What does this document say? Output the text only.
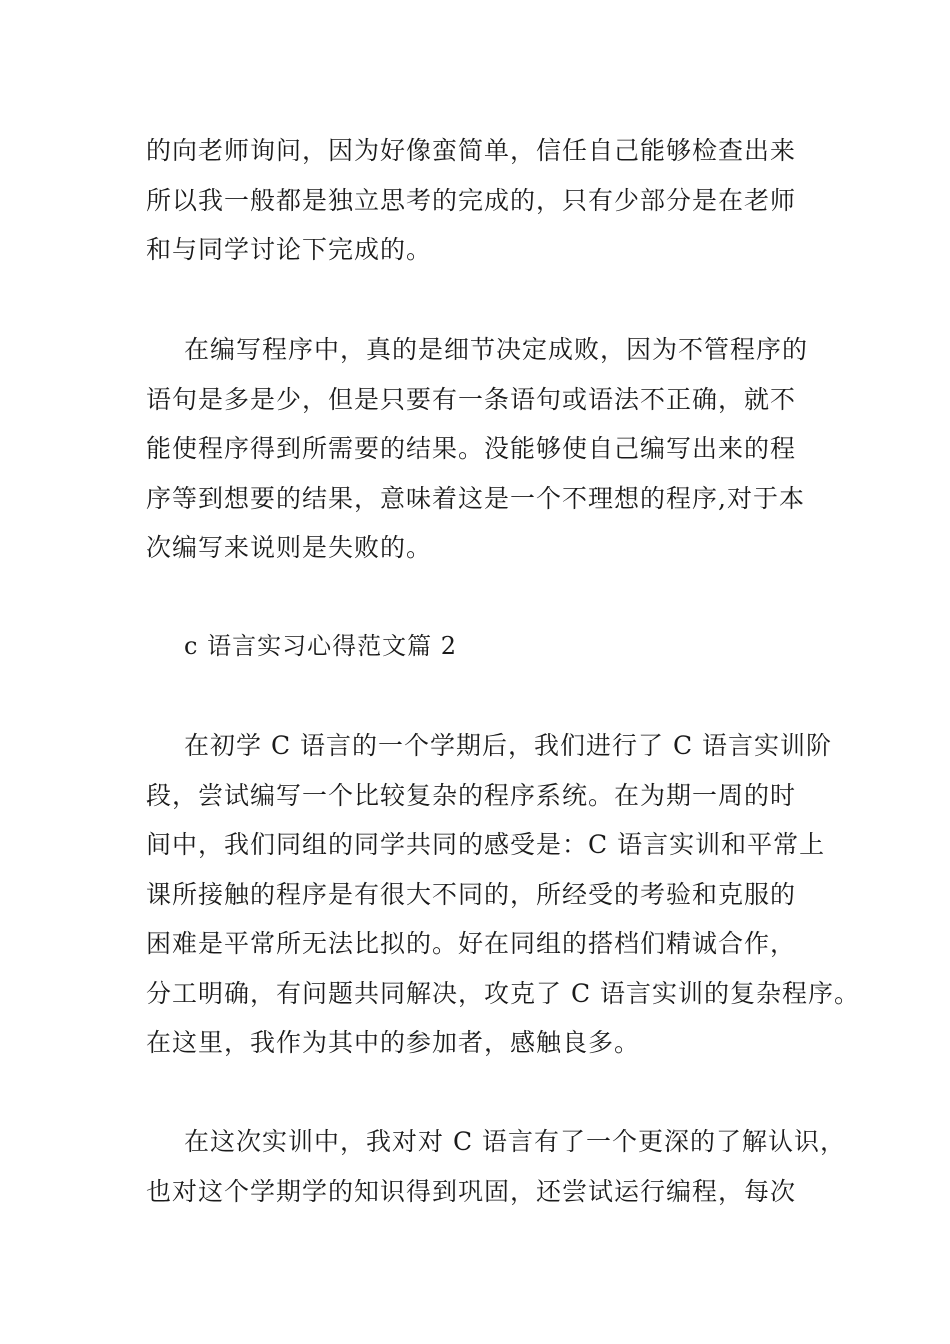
的向老师询问，因为好像蛮简单，信任自己能够检查出来
所以我一般都是独立思考的完成的，只有少部分是在老师
和与同学讨论下完成的。

在编写程序中，真的是细节决定成败，因为不管程序的
语句是多是少，但是只要有一条语句或语法不正确，就不
能使程序得到所需要的结果。没能够使自己编写出来的程
序等到想要的结果，意味着这是一个不理想的程序,对于本
次编写来说则是失败的。

c 语言实习心得范文篇 2

在初学 C 语言的一个学期后，我们进行了 C 语言实训阶
段，尝试编写一个比较复杂的程序系统。在为期一周的时
间中，我们同组的同学共同的感受是：C 语言实训和平常上
课所接触的程序是有很大不同的，所经受的考验和克服的
困难是平常所无法比拟的。好在同组的搭档们精诚合作，
分工明确，有问题共同解决，攻克了 C 语言实训的复杂程序。
在这里，我作为其中的参加者，感触良多。

在这次实训中，我对对 C 语言有了一个更深的了解认识，
也对这个学期学的知识得到巩固，还尝试运行编程，每次
